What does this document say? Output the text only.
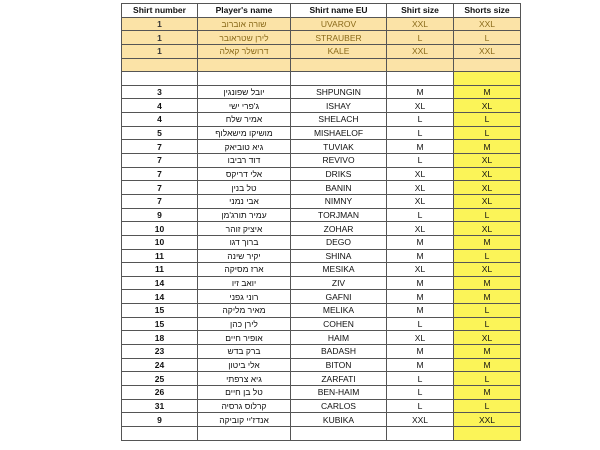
Shirt number	Player's name	Shirt name EU	Shirt size	Shorts size
1	שורה אוברוב	UVAROV	XXL	XXL
1	לירן שטראובר	STRAUBER	L	L
1	דרושלר קאלה	KALE	XXL	XXL

3	יובל שפונגין	SHPUNGIN	M	M
4	ג'פרי ישי	ISHAY	XL	XL
4	אמיר שלח	SHELACH	L	L
5	מושיקו מישאלוף	MISHAELOF	L	L
7	גיא טוביאק	TUVIAK	M	M
7	דוד רביבו	REVIVO	L	XL
7	אלי דריקס	DRIKS	XL	XL
7	טל בנין	BANIN	XL	XL
7	אבי נמני	NIMNY	XL	XL
9	עמיר תורג'מן	TORJMAN	L	L
10	איציק זוהר	ZOHAR	XL	XL
10	ברוך דגו	DEGO	M	M
11	יקיר שינה	SHINA	M	L
11	ארז מסיקה	MESIKA	XL	XL
14	יואב זיו	ZIV	M	M
14	רוני גפני	GAFNI	M	M
15	מאיר מליקה	MELIKA	M	L
15	לירן כהן	COHEN	L	L
18	אופיר חיים	HAIM	XL	XL
23	ברק בדש	BADASH	M	M
24	אלי ביטון	BITON	M	M
25	גיא צרפתי	ZARFATI	L	L
26	טל בן חיים	BEN-HAIM	L	M
31	קרלוס גרסיה	CARLOS	L	L
9	אנדז'יי קוביקה	KUBIKA	XXL	XXL
